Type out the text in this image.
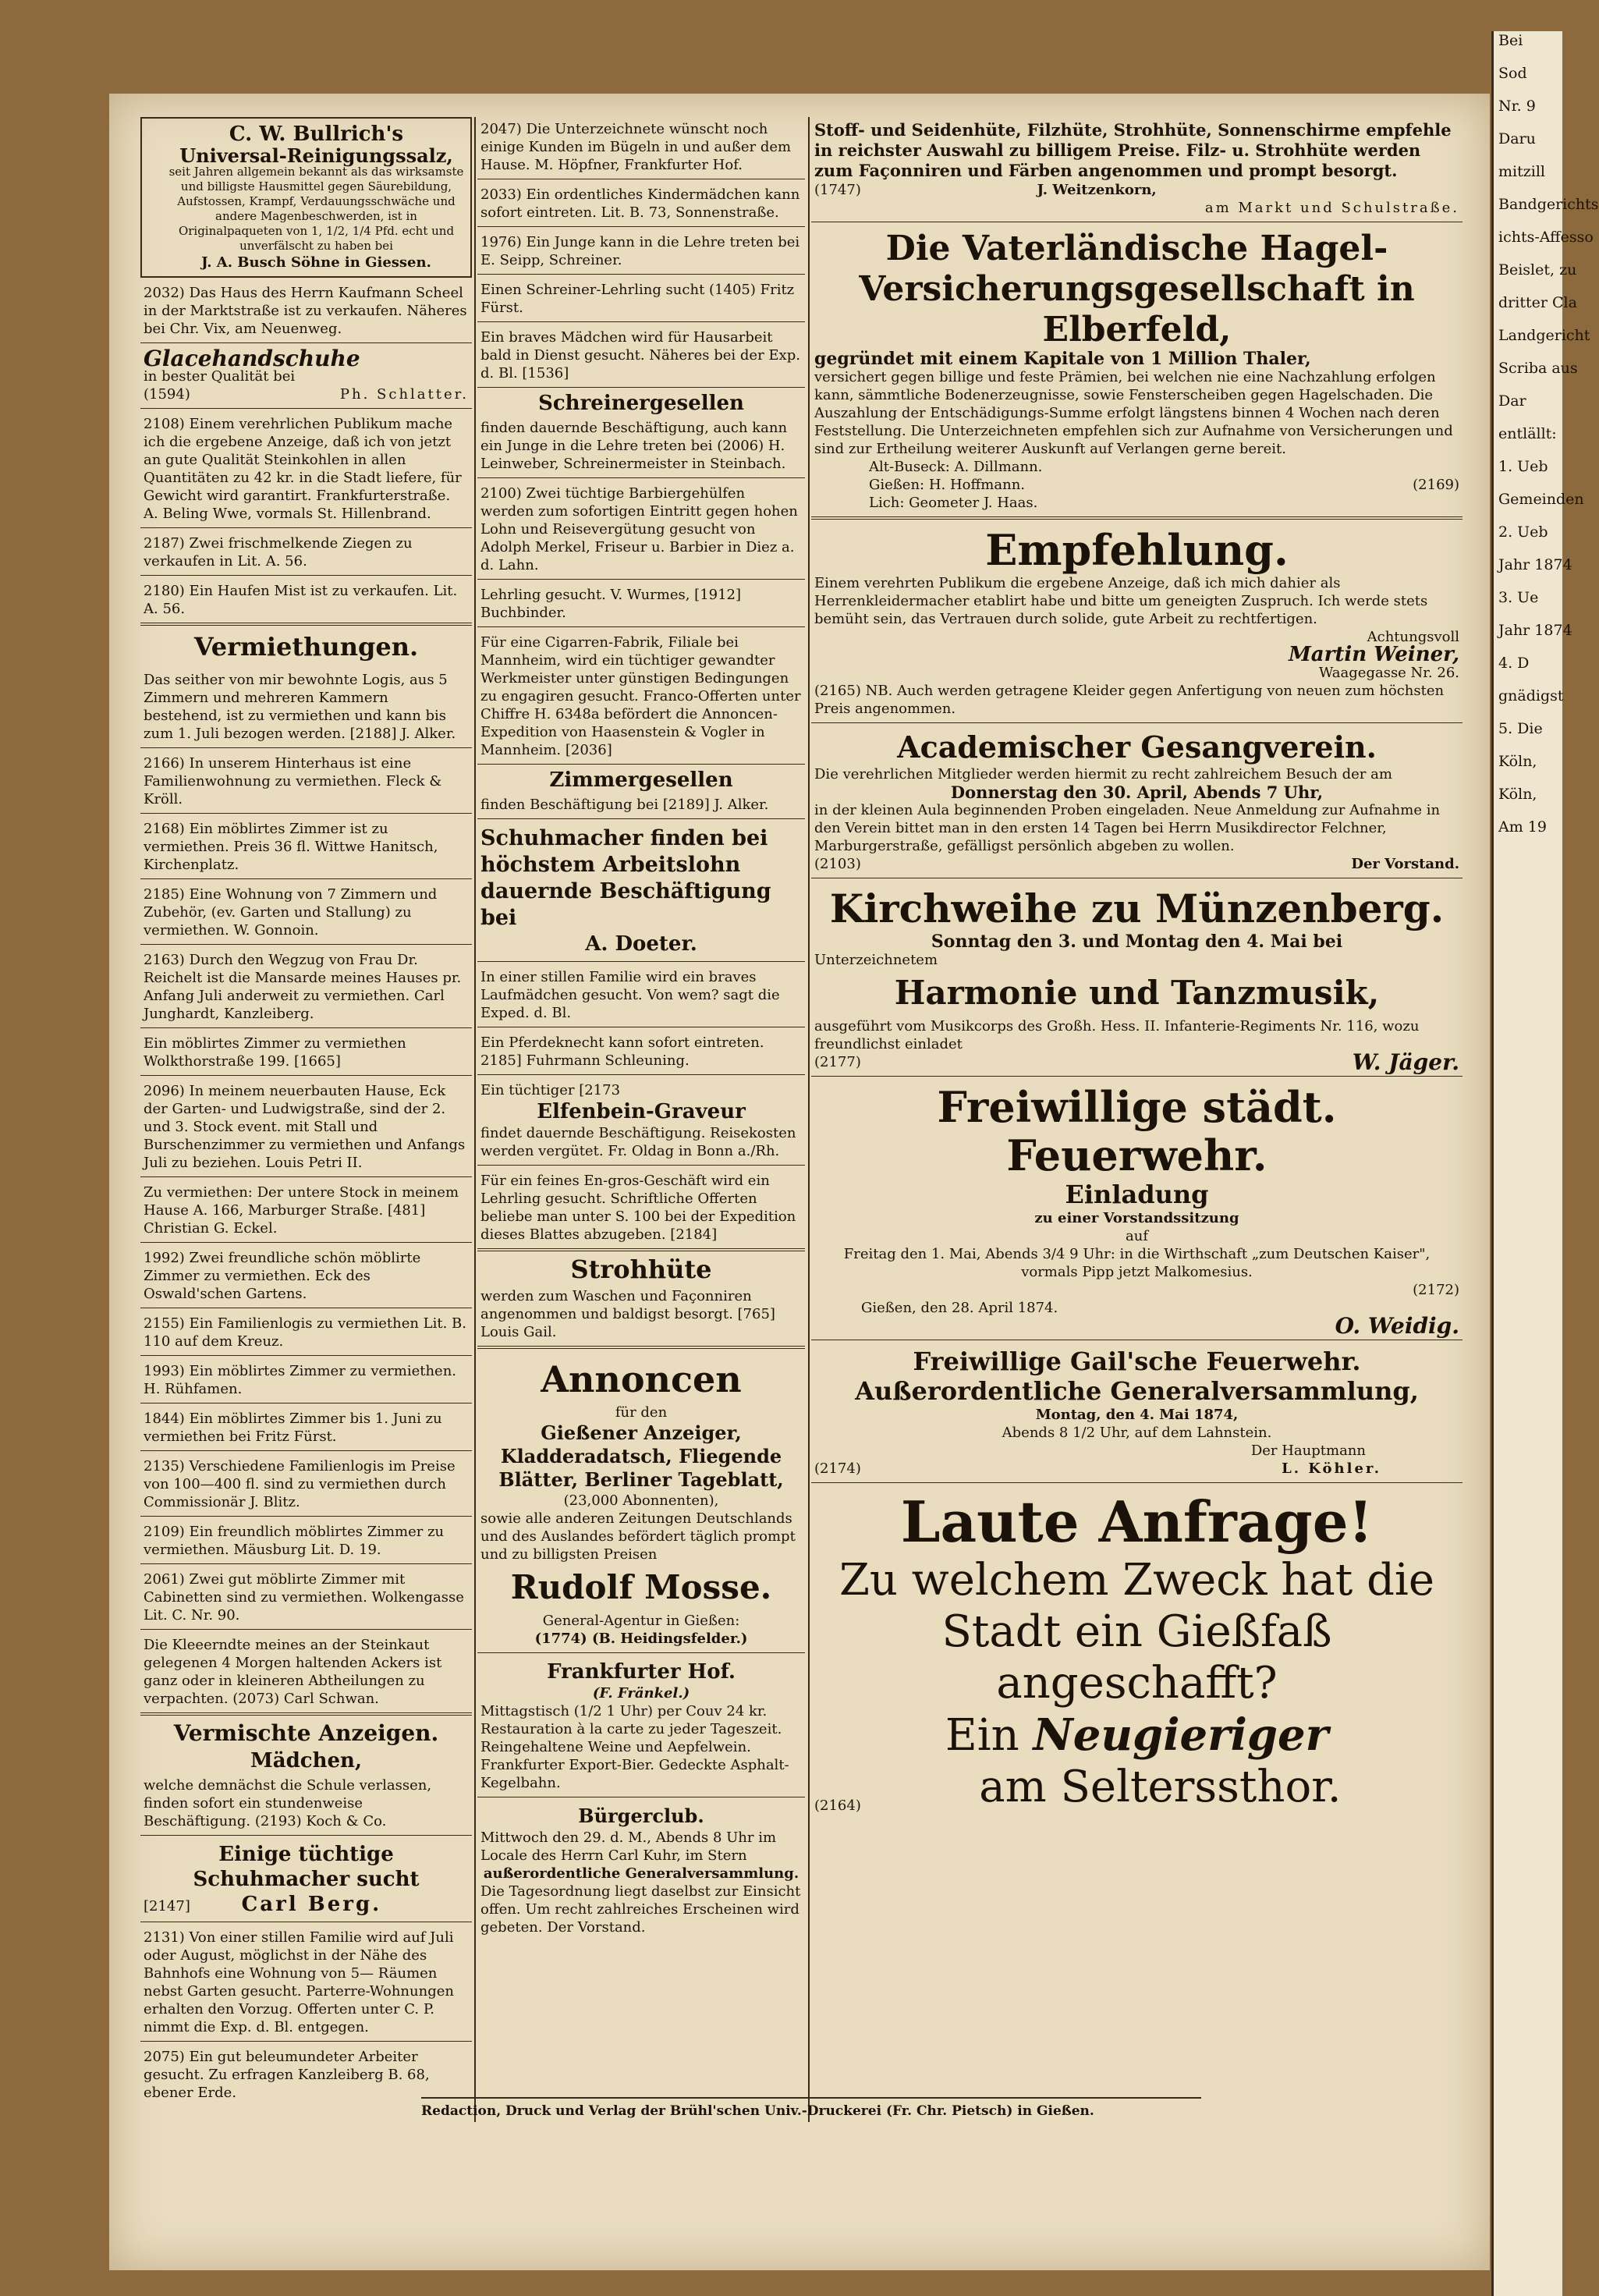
Bei
Sod
Nr. 9
Daru
mitzill
Bandgerichts
ichts-Affesso
Beislet, zu
dritter Cla
Landgericht
Scriba aus
Dar
entlällt:
1. Ueb
Gemeinden
2. Ueb
Jahr 1874
3. Ue
Jahr 1874
4. D
gnädigst
5. Die
Köln,
Köln,
Am 19

C. W. Bullrich's

Universal-Reinigungssalz,

seit Jahren allgemein bekannt als das wirksamste und billigste Hausmittel gegen Säurebildung, Aufstossen, Krampf, Verdauungsschwäche und andere Magenbeschwerden, ist in Originalpaqueten von 1, 1/2, 1/4 Pfd. echt und unverfälscht zu haben bei

J. A. Busch Söhne in Giessen.

2032) Das Haus des Herrn Kaufmann Scheel in der Marktstraße ist zu verkaufen. Näheres bei Chr. Vix, am Neuenweg.

Glacehandschuhe

in bester Qualität bei

(1594)	Ph. Schlatter.

2108) Einem verehrlichen Publikum mache ich die ergebene Anzeige, daß ich von jetzt an gute Qualität Steinkohlen in allen Quantitäten zu 42 kr. in die Stadt liefere, für Gewicht wird garantirt. Frankfurterstraße. A. Beling Wwe, vormals St. Hillenbrand.

2187) Zwei frischmelkende Ziegen zu verkaufen in Lit. A. 56.

2180) Ein Haufen Mist ist zu verkaufen. Lit. A. 56.

Vermiethungen.

Das seither von mir bewohnte Logis, aus 5 Zimmern und mehreren Kammern bestehend, ist zu vermiethen und kann bis zum 1. Juli bezogen werden. [2188] J. Alker.

2166) In unserem Hinterhaus ist eine Familienwohnung zu vermiethen. Fleck & Kröll.

2168) Ein möblirtes Zimmer ist zu vermiethen. Preis 36 fl. Wittwe Hanitsch, Kirchenplatz.

2185) Eine Wohnung von 7 Zimmern und Zubehör, (ev. Garten und Stallung) zu vermiethen. W. Gonnoin.

2163) Durch den Wegzug von Frau Dr. Reichelt ist die Mansarde meines Hauses pr. Anfang Juli anderweit zu vermiethen. Carl Junghardt, Kanzleiberg.

Ein möblirtes Zimmer zu vermiethen Wolkthorstraße 199. [1665]

2096) In meinem neuerbauten Hause, Eck der Garten- und Ludwigstraße, sind der 2. und 3. Stock event. mit Stall und Burschenzimmer zu vermiethen und Anfangs Juli zu beziehen. Louis Petri II.

Zu vermiethen: Der untere Stock in meinem Hause A. 166, Marburger Straße. [481] Christian G. Eckel.

1992) Zwei freundliche schön möblirte Zimmer zu vermiethen. Eck des Oswald'schen Gartens.

2155) Ein Familienlogis zu vermiethen Lit. B. 110 auf dem Kreuz.

1993) Ein möblirtes Zimmer zu vermiethen. H. Rühfamen.

1844) Ein möblirtes Zimmer bis 1. Juni zu vermiethen bei Fritz Fürst.

2135) Verschiedene Familienlogis im Preise von 100—400 fl. sind zu vermiethen durch Commissionär J. Blitz.

2109) Ein freundlich möblirtes Zimmer zu vermiethen. Mäusburg Lit. D. 19.

2061) Zwei gut möblirte Zimmer mit Cabinetten sind zu vermiethen. Wolkengasse Lit. C. Nr. 90.

Die Kleeerndte meines an der Steinkaut gelegenen 4 Morgen haltenden Ackers ist ganz oder in kleineren Abtheilungen zu verpachten. (2073) Carl Schwan.

Vermischte Anzeigen.
Mädchen,

welche demnächst die Schule verlassen, finden sofort ein stundenweise Beschäftigung. (2193) Koch & Co.

Einige tüchtige Schuhmacher sucht

[2147]	Carl Berg.

2131) Von einer stillen Familie wird auf Juli oder August, möglichst in der Nähe des Bahnhofs eine Wohnung von 5— Räumen nebst Garten gesucht. Parterre-Wohnungen erhalten den Vorzug. Offerten unter C. P. nimmt die Exp. d. Bl. entgegen.

2075) Ein gut beleumundeter Arbeiter gesucht. Zu erfragen Kanzleiberg B. 68, ebener Erde.

2047) Die Unterzeichnete wünscht noch einige Kunden im Bügeln in und außer dem Hause. M. Höpfner, Frankfurter Hof.

2033) Ein ordentliches Kindermädchen kann sofort eintreten. Lit. B. 73, Sonnenstraße.

1976) Ein Junge kann in die Lehre treten bei E. Seipp, Schreiner.

Einen Schreiner-Lehrling sucht (1405) Fritz Fürst.

Ein braves Mädchen wird für Hausarbeit bald in Dienst gesucht. Näheres bei der Exp. d. Bl. [1536]

Schreinergesellen

finden dauernde Beschäftigung, auch kann ein Junge in die Lehre treten bei (2006) H. Leinweber, Schreinermeister in Steinbach.

2100) Zwei tüchtige Barbiergehülfen werden zum sofortigen Eintritt gegen hohen Lohn und Reisevergütung gesucht von Adolph Merkel, Friseur u. Barbier in Diez a. d. Lahn.

Lehrling gesucht. V. Wurmes, [1912] Buchbinder.

Für eine Cigarren-Fabrik, Filiale bei Mannheim, wird ein tüchtiger gewandter Werkmeister unter günstigen Bedingungen zu engagiren gesucht. Franco-Offerten unter Chiffre H. 6348a befördert die Annoncen-Expedition von Haasenstein & Vogler in Mannheim. [2036]

Zimmergesellen

finden Beschäftigung bei [2189] J. Alker.

Schuhmacher finden bei höchstem Arbeitslohn dauernde Beschäftigung bei

A. Doeter.

In einer stillen Familie wird ein braves Laufmädchen gesucht. Von wem? sagt die Exped. d. Bl.

Ein Pferdeknecht kann sofort eintreten. 2185] Fuhrmann Schleuning.

Ein tüchtiger [2173

Elfenbein-Graveur

findet dauernde Beschäftigung. Reisekosten werden vergütet. Fr. Oldag in Bonn a./Rh.

Für ein feines En-gros-Geschäft wird ein Lehrling gesucht. Schriftliche Offerten beliebe man unter S. 100 bei der Expedition dieses Blattes abzugeben. [2184]

Strohhüte

werden zum Waschen und Façonniren angenommen und baldigst besorgt. [765] Louis Gail.

Annoncen

für den

Gießener Anzeiger, Kladderadatsch, Fliegende Blätter, Berliner Tageblatt,

(23,000 Abonnenten),

sowie alle anderen Zeitungen Deutschlands und des Auslandes befördert täglich prompt und zu billigsten Preisen

Rudolf Mosse.

General-Agentur in Gießen:

(1774) (B. Heidingsfelder.)

Frankfurter Hof.

(F. Fränkel.)

Mittagstisch (1/2 1 Uhr) per Couv 24 kr. Restauration à la carte zu jeder Tageszeit. Reingehaltene Weine und Aepfelwein. Frankfurter Export-Bier. Gedeckte Asphalt-Kegelbahn.

Bürgerclub.

Mittwoch den 29. d. M., Abends 8 Uhr im Locale des Herrn Carl Kuhr, im Stern

außerordentliche Generalversammlung.

Die Tagesordnung liegt daselbst zur Einsicht offen. Um recht zahlreiches Erscheinen wird gebeten. Der Vorstand.

Stoff- und Seidenhüte, Filzhüte, Strohhüte, Sonnenschirme empfehle in reichster Auswahl zu billigem Preise. Filz- u. Strohhüte werden zum Façonniren und Färben angenommen und prompt besorgt.

(1747)	J. Weitzenkorn,

am Markt und Schulstraße.

Die Vaterländische Hagel-Versicherungsgesellschaft in Elberfeld,

gegründet mit einem Kapitale von 1 Million Thaler,

versichert gegen billige und feste Prämien, bei welchen nie eine Nachzahlung erfolgen kann, sämmtliche Bodenerzeugnisse, sowie Fensterscheiben gegen Hagelschaden. Die Auszahlung der Entschädigungs-Summe erfolgt längstens binnen 4 Wochen nach deren Feststellung. Die Unterzeichneten empfehlen sich zur Aufnahme von Versicherungen und sind zur Ertheilung weiterer Auskunft auf Verlangen gerne bereit.

Alt-Buseck: A. Dillmann.

Gießen: H. Hoffmann.	(2169)

Lich: Geometer J. Haas.

Empfehlung.

Einem verehrten Publikum die ergebene Anzeige, daß ich mich dahier als Herrenkleidermacher etablirt habe und bitte um geneigten Zuspruch. Ich werde stets bemüht sein, das Vertrauen durch solide, gute Arbeit zu rechtfertigen.

Achtungsvoll

Martin Weiner,

Waagegasse Nr. 26.

(2165) NB. Auch werden getragene Kleider gegen Anfertigung von neuen zum höchsten Preis angenommen.

Academischer Gesangverein.

Die verehrlichen Mitglieder werden hiermit zu recht zahlreichem Besuch der am

Donnerstag den 30. April, Abends 7 Uhr,

in der kleinen Aula beginnenden Proben eingeladen. Neue Anmeldung zur Aufnahme in den Verein bittet man in den ersten 14 Tagen bei Herrn Musikdirector Felchner, Marburgerstraße, gefälligst persönlich abgeben zu wollen.

(2103)	Der Vorstand.

Kirchweihe zu Münzenberg.

Sonntag den 3. und Montag den 4. Mai bei

Unterzeichnetem

Harmonie und Tanzmusik,

ausgeführt vom Musikcorps des Großh. Hess. II. Infanterie-Regiments Nr. 116, wozu freundlichst einladet

(2177)	W. Jäger.

Freiwillige städt. Feuerwehr.

Einladung

zu einer Vorstandssitzung

auf

Freitag den 1. Mai, Abends 3/4 9 Uhr: in die Wirthschaft „zum Deutschen Kaiser", vormals Pipp jetzt Malkomesius.

(2172)

Gießen, den 28. April 1874.

O. Weidig.

Freiwillige Gail'sche Feuerwehr.

Außerordentliche Generalversammlung,

Montag, den 4. Mai 1874,

Abends 8 1/2 Uhr, auf dem Lahnstein.

Der Hauptmann

(2174)	L. Köhler.

Laute Anfrage!

Zu welchem Zweck hat die Stadt ein Gießfaß angeschafft?

Ein Neugieriger

(2164)	am Selterssthor.

Redaction, Druck und Verlag der Brühl'schen Univ.-Druckerei (Fr. Chr. Pietsch) in Gießen.
